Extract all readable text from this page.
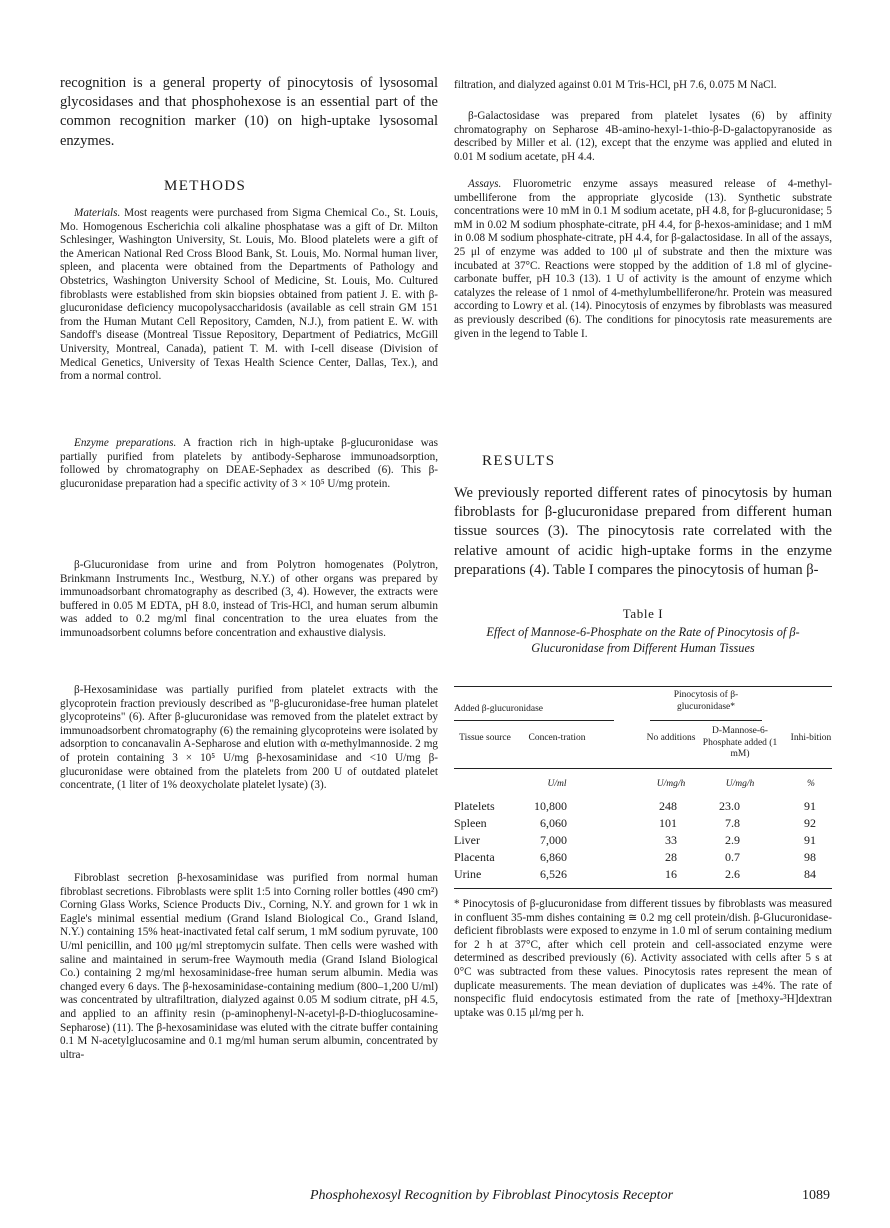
recognition is a general property of pinocytosis of lysosomal glycosidases and that phosphohexose is an essential part of the common recognition marker (10) on high-uptake lysosomal enzymes.

METHODS

Materials. Most reagents were purchased from Sigma Chemical Co., St. Louis, Mo. Homogenous Escherichia coli alkaline phosphatase was a gift of Dr. Milton Schlesinger, Washington University, St. Louis, Mo. Blood platelets were a gift of the American National Red Cross Blood Bank, St. Louis, Mo. Normal human liver, spleen, and placenta were obtained from the Departments of Pathology and Obstetrics, Washington University School of Medicine, St. Louis, Mo. Cultured fibroblasts were established from skin biopsies obtained from patient J. E. with β-glucuronidase deficiency mucopolysaccharidosis (available as cell strain GM 151 from the Human Mutant Cell Repository, Camden, N.J.), from patient E. W. with Sandoff's disease (Montreal Tissue Repository, Department of Pediatrics, McGill University, Montreal, Canada), patient T. M. with I-cell disease (Division of Medical Genetics, University of Texas Health Science Center, Dallas, Tex.), and from a normal control.

Enzyme preparations. A fraction rich in high-uptake β-glucuronidase was partially purified from platelets by antibody-Sepharose immunoadsorption, followed by chromatography on DEAE-Sephadex as described (6). This β-glucuronidase preparation had a specific activity of 3 × 10⁵ U/mg protein.

β-Glucuronidase from urine and from Polytron homogenates (Polytron, Brinkmann Instruments Inc., Westburg, N.Y.) of other organs was prepared by immunoadsorbant chromatography as described (3, 4). However, the extracts were buffered in 0.05 M EDTA, pH 8.0, instead of Tris-HCl, and human serum albumin was added to 0.2 mg/ml final concentration to the urea eluates from the immunoadsorbent columns before concentration and exhaustive dialysis.

β-Hexosaminidase was partially purified from platelet extracts with the glycoprotein fraction previously described as "β-glucuronidase-free human platelet glycoproteins" (6). After β-glucuronidase was removed from the platelet extract by immunoadsorbent chromatography (6) the remaining glycoproteins were isolated by adsorption to concanavalin A-Sepharose and elution with α-methylmannoside. 2 mg of protein containing 3 × 10⁵ U/mg β-hexosaminidase and <10 U/mg β-glucuronidase were obtained from the platelets from 200 U of outdated platelet concentrate, (1 liter of 1% deoxycholate platelet lysate) (3).

Fibroblast secretion β-hexosaminidase was purified from normal human fibroblast secretions. Fibroblasts were split 1:5 into Corning roller bottles (490 cm²) Corning Glass Works, Science Products Div., Corning, N.Y. and grown for 1 wk in Eagle's minimal essential medium (Grand Island Biological Co., Grand Island, N.Y.) containing 15% heat-inactivated fetal calf serum, 1 mM sodium pyruvate, 100 U/ml penicillin, and 100 μg/ml streptomycin sulfate. Then cells were washed with saline and maintained in serum-free Waymouth media (Grand Island Biological Co.) containing 2 mg/ml hexosaminidase-free human serum albumin. Media was changed every 6 days. The β-hexosaminidase-containing medium (800–1,200 U/ml) was concentrated by ultrafiltration, dialyzed against 0.05 M sodium citrate, pH 4.5, and applied to an affinity resin (p-aminophenyl-N-acetyl-β-D-thioglucosamine-Sepharose) (11). The β-hexosaminidase was eluted with the citrate buffer containing 0.1 M N-acetylglucosamine and 0.1 mg/ml human serum albumin, concentrated by ultra-

filtration, and dialyzed against 0.01 M Tris-HCl, pH 7.6, 0.075 M NaCl.

β-Galactosidase was prepared from platelet lysates (6) by affinity chromatography on Sepharose 4B-amino-hexyl-1-thio-β-D-galactopyranoside as described by Miller et al. (12), except that the enzyme was applied and eluted in 0.01 M sodium acetate, pH 4.4.

Assays. Fluorometric enzyme assays measured release of 4-methyl-umbelliferone from the appropriate glycoside (13). Synthetic substrate concentrations were 10 mM in 0.1 M sodium acetate, pH 4.8, for β-glucuronidase; 5 mM in 0.02 M sodium phosphate-citrate, pH 4.4, for β-hexos-aminidase; and 1 mM in 0.08 M sodium phosphate-citrate, pH 4.4, for β-galactosidase. In all of the assays, 25 μl of enzyme was added to 100 μl of substrate and then the mixture was incubated at 37°C. Reactions were stopped by the addition of 1.8 ml of glycine-carbonate buffer, pH 10.3 (13). 1 U of activity is the amount of enzyme which catalyzes the release of 1 nmol of 4-methylumbelliferone/hr. Protein was measured according to Lowry et al. (14). Pinocytosis of enzymes by fibroblasts was measured as previously described (6). The conditions for pinocytosis rate measurements are given in the legend to Table I.

RESULTS

We previously reported different rates of pinocytosis by human fibroblasts for β-glucuronidase prepared from different human tissue sources (3). The pinocytosis rate correlated with the relative amount of acidic high-uptake forms in the enzyme preparations (4). Table I compares the pinocytosis of human β-

Table I
Effect of Mannose-6-Phosphate on the Rate of Pinocytosis of β-Glucuronidase from Different Human Tissues
Pinocytosis of β-glucuronidase*
Added β-glucuronidase
Tissue source	Concen-tration	No additions
D-Mannose-6-Phosphate added (1 mM)
Inhi-bition
U/ml	U/mg/h	U/mg/h	%
Platelets	10,800	248	23.0	91
Spleen	6,060	101	7.8	92
Liver	7,000	33	2.9	91
Placenta	6,860	28	0.7	98
Urine	6,526	16	2.6	84

* Pinocytosis of β-glucuronidase from different tissues by fibroblasts was measured in confluent 35-mm dishes containing ≅ 0.2 mg cell protein/dish. β-Glucuronidase-deficient fibroblasts were exposed to enzyme in 1.0 ml of serum containing medium for 2 h at 37°C, after which cell protein and cell-associated enzyme were determined as described previously (6). Activity associated with cells after 5 s at 0°C was subtracted from these values. Pinocytosis rates represent the mean of duplicate measurements. The mean deviation of duplicates was ±4%. The rate of nonspecific fluid endocytosis estimated from the rate of [methoxy-³H]dextran uptake was 0.15 μl/mg per h.

Phosphohexosyl Recognition by Fibroblast Pinocytosis Receptor	1089
